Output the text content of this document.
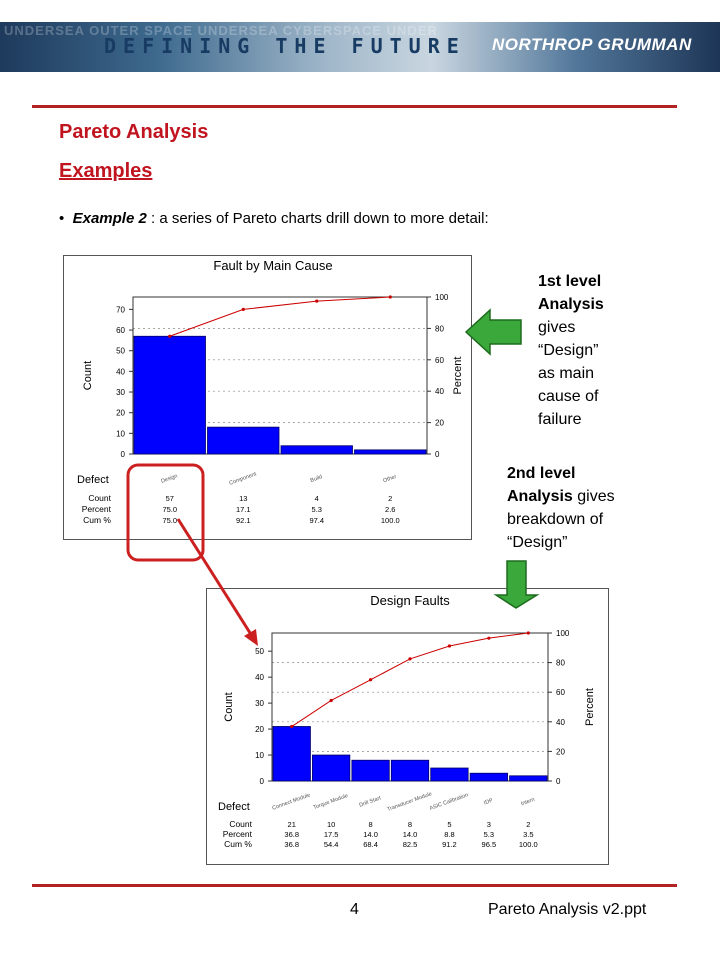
UNDERSEA OUTER SPACE UNDERSEA CYBERSPACE UNDER
DEFINING THE FUTURE NORTHROP GRUMMAN
Pareto Analysis
Examples
•  Example 2 : a series of Pareto charts drill down to more detail:
Fault by Main Cause
0
10
20
30
40
50
60
70
0
20
40
60
80
100
Count	Percent
Design	Component	Build	Other
Defect
Count	57	13	4	2
Percent	75.0	17.1	5.3	2.6
Cum %	75.0	92.1	97.4	100.0
Design Faults
0
10
20
30
40
50
0
20
40
60
80
100
Count	Percent
Connect Module Torque Module Drill Start Transducer Module
ASIC Calibration	IDP	Intern
Defect
Count	21	10	8	8	5	3	2
Percent	36.8	17.5	14.0	14.0	8.8	5.3	3.5
Cum %	36.8	54.4	68.4	82.5	91.2	96.5	100.0
1st level
Analysis
gives
“Design”
as main
cause of
failure
2nd level
Analysis gives
breakdown of
“Design”
4	Pareto Analysis v2.ppt
